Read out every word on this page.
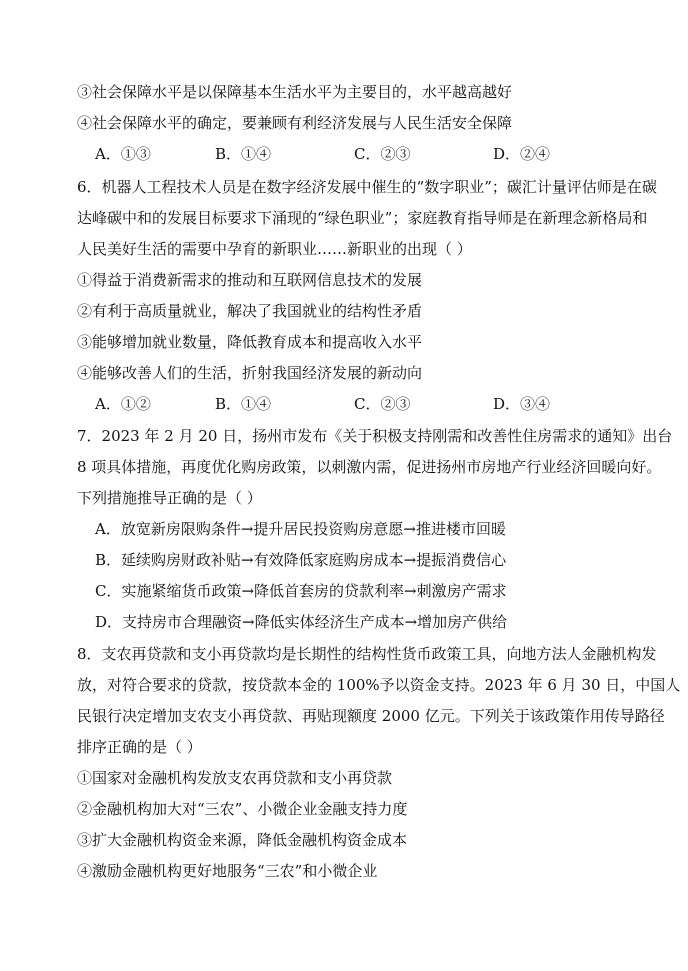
③社会保障水平是以保障基本生活水平为主要目的，水平越高越好
④社会保障水平的确定，要兼顾有利经济发展与人民生活安全保障
A．①③	B．①④	C．②③	D．②④
6．机器人工程技术人员是在数字经济发展中催生的“数字职业”；碳汇计量评估师是在碳
达峰碳中和的发展目标要求下涌现的“绿色职业”；家庭教育指导师是在新理念新格局和
人民美好生活的需要中孕育的新职业……新职业的出现（ ）
①得益于消费新需求的推动和互联网信息技术的发展
②有利于高质量就业，解决了我国就业的结构性矛盾
③能够增加就业数量，降低教育成本和提高收入水平
④能够改善人们的生活，折射我国经济发展的新动向
A．①②	B．①④	C．②③	D．③④
7．2023 年 2 月 20 日，扬州市发布《关于积极支持刚需和改善性住房需求的通知》出台
8 项具体措施，再度优化购房政策，以刺激内需，促进扬州市房地产行业经济回暖向好。
下列措施推导正确的是（ ）
A．放宽新房限购条件→提升居民投资购房意愿→推进楼市回暖
B．延续购房财政补贴→有效降低家庭购房成本→提振消费信心
C．实施紧缩货币政策→降低首套房的贷款利率→刺激房产需求
D．支持房市合理融资→降低实体经济生产成本→增加房产供给
8．支农再贷款和支小再贷款均是长期性的结构性货币政策工具，向地方法人金融机构发
放，对符合要求的贷款，按贷款本金的 100%予以资金支持。2023 年 6 月 30 日，中国人
民银行决定增加支农支小再贷款、再贴现额度 2000 亿元。下列关于该政策作用传导路径
排序正确的是（ ）
①国家对金融机构发放支农再贷款和支小再贷款
②金融机构加大对“三农”、小微企业金融支持力度
③扩大金融机构资金来源，降低金融机构资金成本
④激励金融机构更好地服务“三农”和小微企业
